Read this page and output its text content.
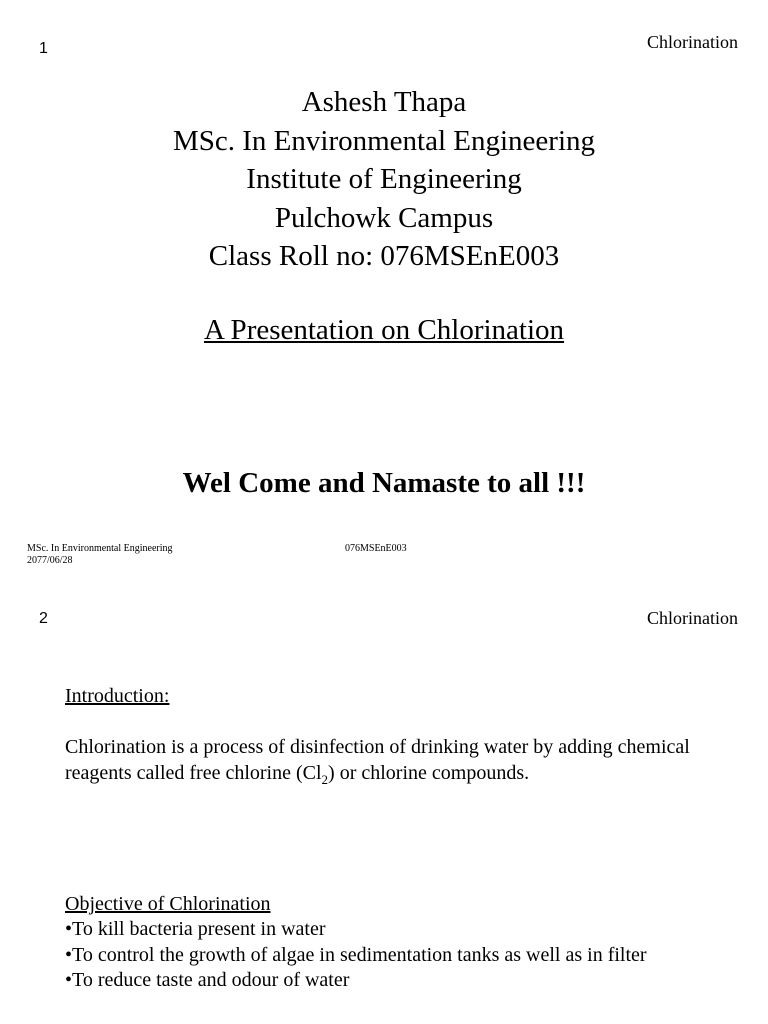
1	Chlorination
Ashesh Thapa
MSc. In Environmental Engineering
Institute of Engineering
Pulchowk Campus
Class Roll no: 076MSEnE003
A Presentation on Chlorination
Wel Come and Namaste to all !!!
MSc. In Environmental Engineering
2077/06/28
076MSEnE003
2	Chlorination
Introduction:
Chlorination is a process of disinfection of drinking water by adding chemical reagents called free chlorine $(Cl_2)$ or chlorine compounds.
Objective of Chlorination
•To kill bacteria present in water
•To control the growth of algae in sedimentation tanks as well as in filter
•To reduce taste and odour of water
